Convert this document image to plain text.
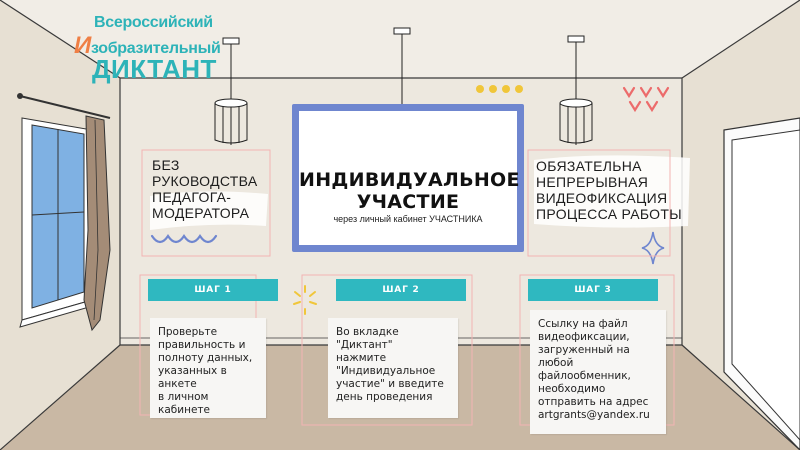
Всероссийский
Изобразительный
ДИКТАНТ
ИНДИВИДУАЛЬНОЕ
УЧАСТИЕ
через личный кабинет УЧАСТНИКА
БЕЗ
РУКОВОДСТВА
ПЕДАГОГА-
МОДЕРАТОРА
ОБЯЗАТЕЛЬНА
НЕПРЕРЫВНАЯ
ВИДЕОФИКСАЦИЯ
ПРОЦЕССА РАБОТЫ
ШАГ 1	ШАГ 2	ШАГ 3
Проверьте
правильность и
полноту данных,
указанных в анкете
в личном кабинете
Во вкладке "Диктант"
нажмите
"Индивидуальное
участие" и введите
день проведения
Ссылку на файл
видеофиксации,
загруженный на
любой
файлообменник,
необходимо
отправить на адрес
artgrants@yandex.ru
